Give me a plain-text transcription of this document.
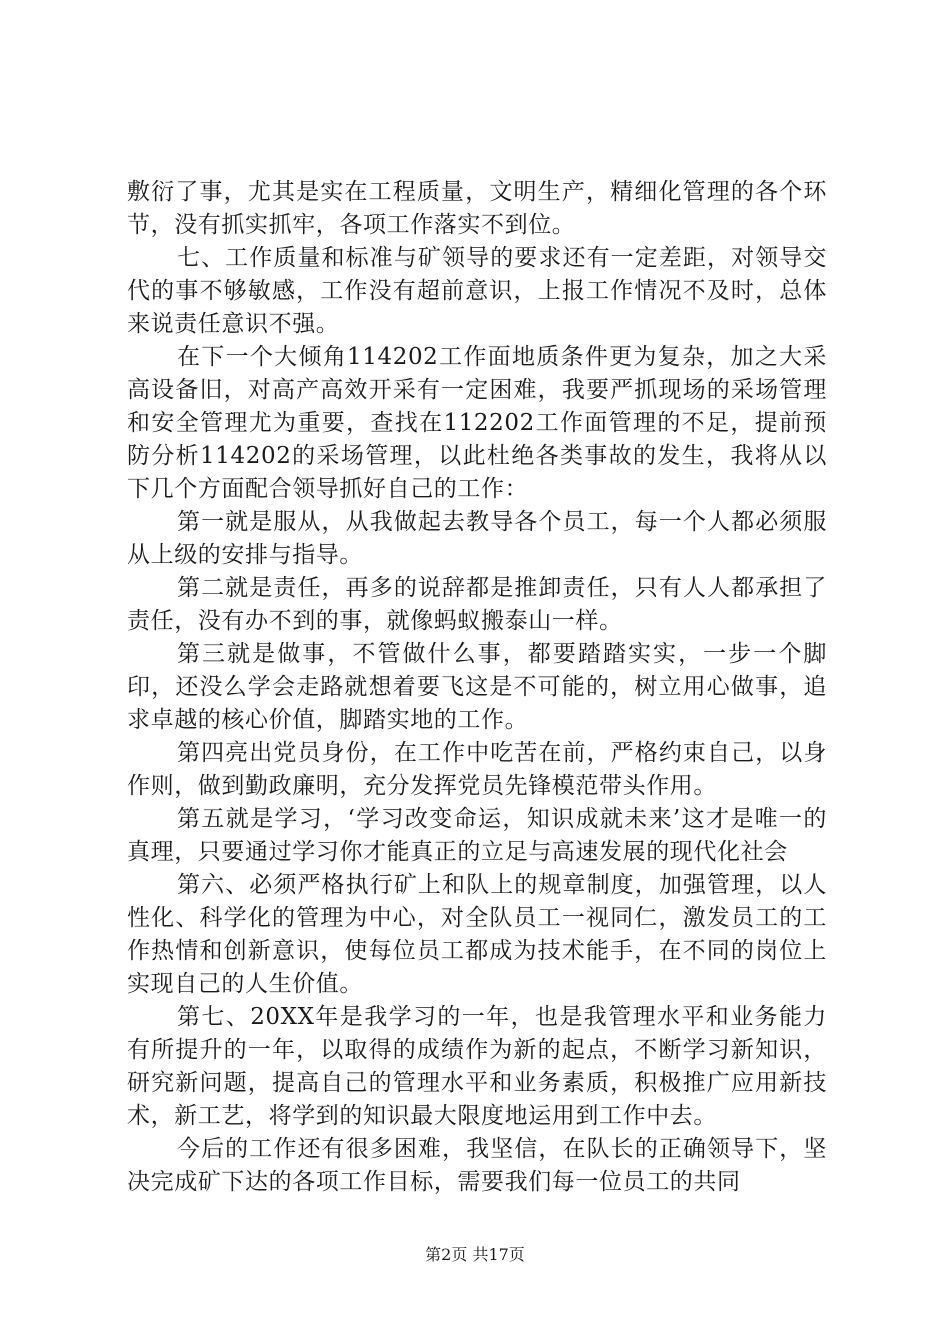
敷衍了事，尤其是实在工程质量，文明生产，精细化管理的各个环节，没有抓实抓牢，各项工作落实不到位。

七、工作质量和标准与矿领导的要求还有一定差距，对领导交代的事不够敏感，工作没有超前意识，上报工作情况不及时，总体来说责任意识不强。

在下一个大倾角114202工作面地质条件更为复杂，加之大采高设备旧，对高产高效开采有一定困难，我要严抓现场的采场管理和安全管理尤为重要，查找在112202工作面管理的不足，提前预防分析114202的采场管理，以此杜绝各类事故的发生，我将从以下几个方面配合领导抓好自己的工作：

第一就是服从，从我做起去教导各个员工，每一个人都必须服从上级的安排与指导。

第二就是责任，再多的说辞都是推卸责任，只有人人都承担了责任，没有办不到的事，就像蚂蚁搬泰山一样。

第三就是做事，不管做什么事，都要踏踏实实，一步一个脚印，还没么学会走路就想着要飞这是不可能的，树立用心做事，追求卓越的核心价值，脚踏实地的工作。

第四亮出党员身份，在工作中吃苦在前，严格约束自己，以身作则，做到勤政廉明，充分发挥党员先锋模范带头作用。

第五就是学习，‘学习改变命运，知识成就未来’这才是唯一的真理，只要通过学习你才能真正的立足与高速发展的现代化社会

第六、必须严格执行矿上和队上的规章制度，加强管理，以人性化、科学化的管理为中心，对全队员工一视同仁，激发员工的工作热情和创新意识，使每位员工都成为技术能手，在不同的岗位上实现自己的人生价值。

第七、20XX年是我学习的一年，也是我管理水平和业务能力有所提升的一年，以取得的成绩作为新的起点，不断学习新知识，研究新问题，提高自己的管理水平和业务素质，积极推广应用新技术，新工艺，将学到的知识最大限度地运用到工作中去。

今后的工作还有很多困难，我坚信，在队长的正确领导下，坚决完成矿下达的各项工作目标，需要我们每一位员工的共同

第2页 共17页
